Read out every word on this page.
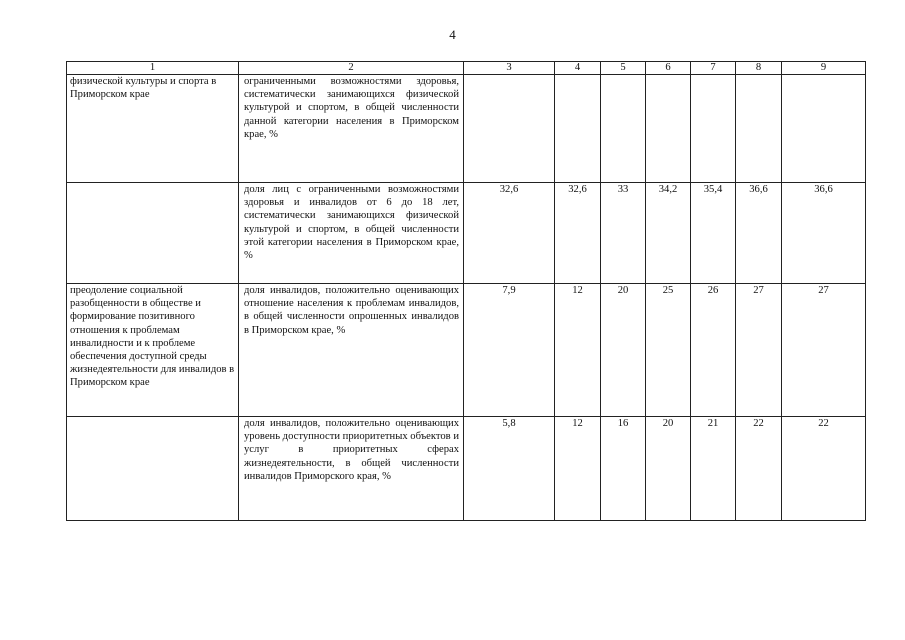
4
1	2	3	4	5	6	7	8	9
физической культуры и спорта в Приморском крае	ограниченными возможностями здоровья, систематически занимающихся физической культурой и спортом, в общей численности данной категории населения в Приморском крае, %	

	доля лиц с ограниченными возможностями здоровья и инвалидов от 6 до 18 лет, систематически занимающихся физической культурой и спортом, в общей численности этой категории населения в Приморском крае, %	32,6	32,6	33	34,2	35,4	36,6	36,6

преодоление социальной разобщенности в обществе и формирование позитивного отношения к проблемам инвалидности и к проблеме обеспечения доступной среды жизнедеятельности для инвалидов в Приморском крае	доля инвалидов, положительно оценивающих отношение населения к проблемам инвалидов, в общей численности опрошенных инвалидов в Приморском крае, %	7,9	12	20	25	26	27	27

	доля инвалидов, положительно оценивающих уровень доступности приоритетных объектов и услуг в приоритетных сферах жизнедеятельности, в общей численности инвалидов Приморского края, %	5,8	12	16	20	21	22	22
